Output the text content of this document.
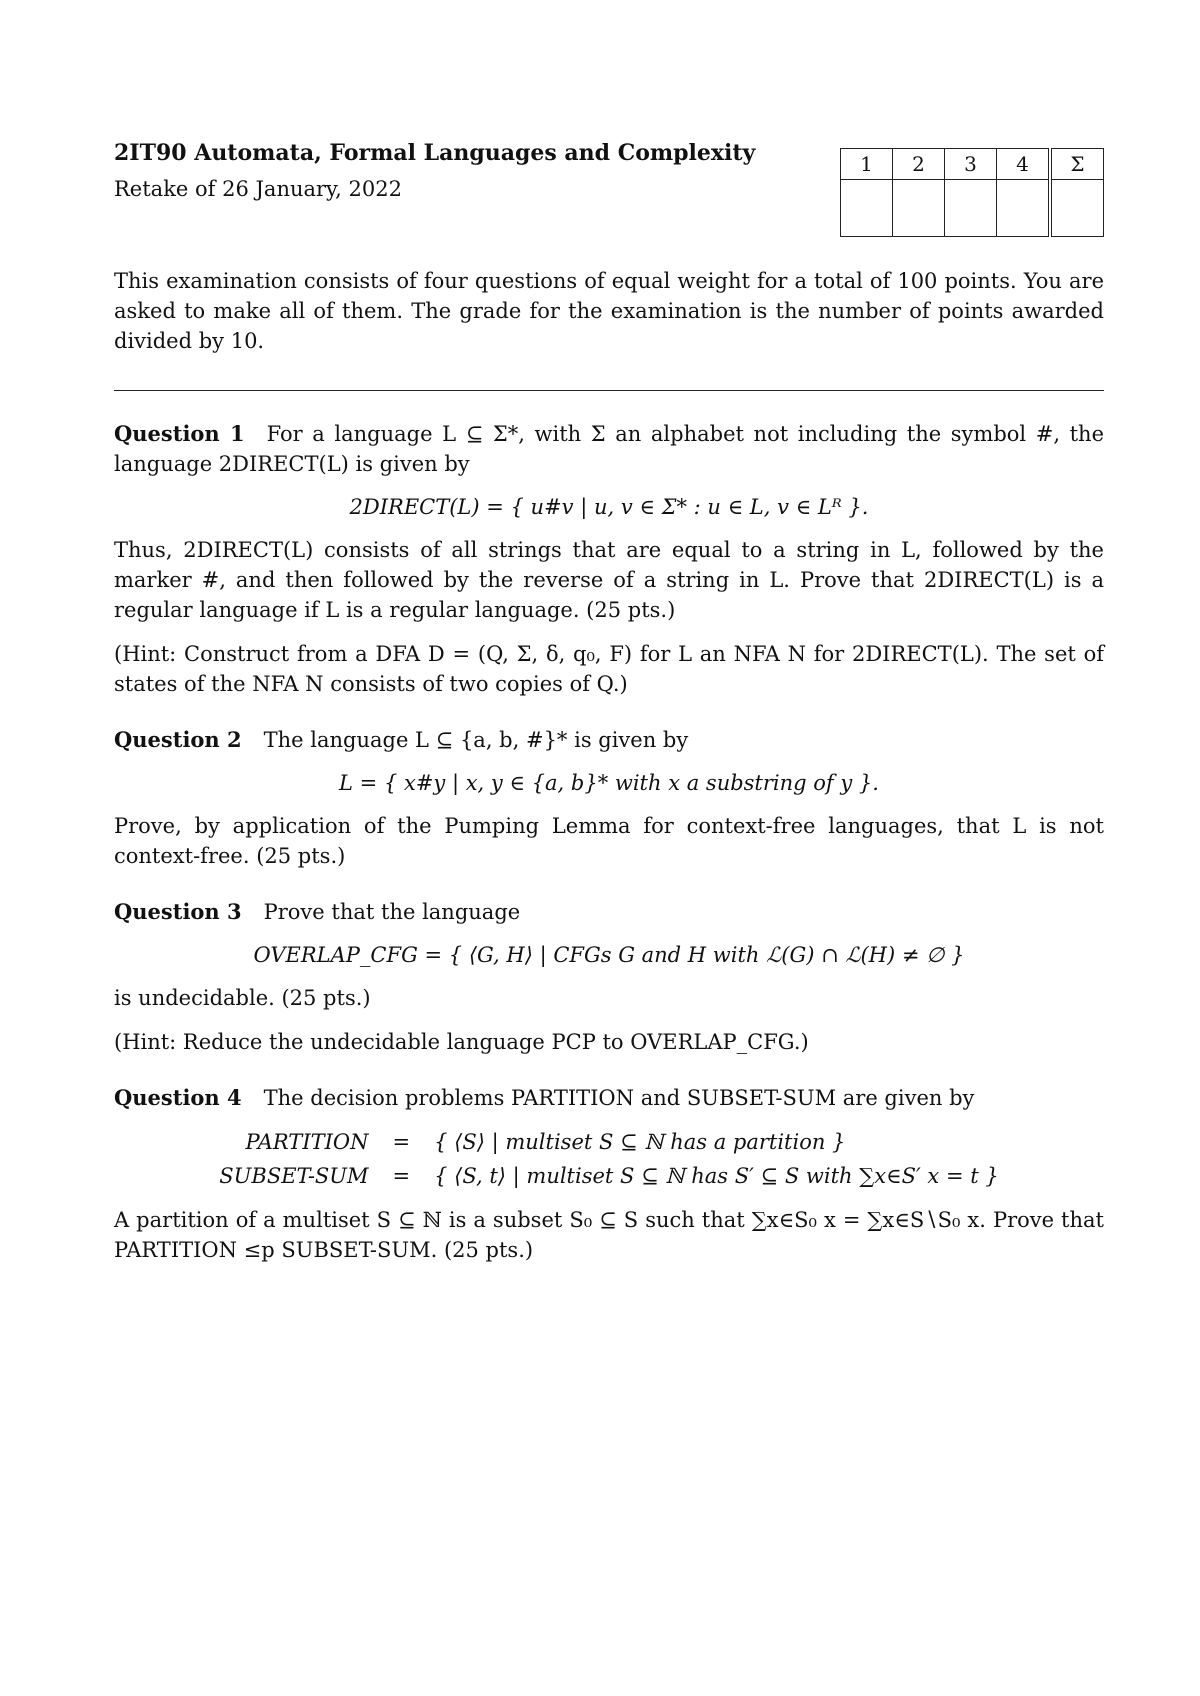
2IT90 Automata, Formal Languages and Complexity

Retake of 26 January, 2022

1	2	3	4	Σ

This examination consists of four questions of equal weight for a total of 100 points. You are asked to make all of them. The grade for the examination is the number of points awarded divided by 10.

Question 1 For a language L ⊆ Σ*, with Σ an alphabet not including the symbol #, the language 2DIRECT(L) is given by

2DIRECT(L) = { u#v | u, v ∈ Σ* : u ∈ L, v ∈ Lᴿ }.

Thus, 2DIRECT(L) consists of all strings that are equal to a string in L, followed by the marker #, and then followed by the reverse of a string in L. Prove that 2DIRECT(L) is a regular language if L is a regular language. (25 pts.)

(Hint: Construct from a DFA D = (Q, Σ, δ, q₀, F) for L an NFA N for 2DIRECT(L). The set of states of the NFA N consists of two copies of Q.)

Question 2 The language L ⊆ {a, b, #}* is given by

L = { x#y | x, y ∈ {a, b}* with x a substring of y }.

Prove, by application of the Pumping Lemma for context-free languages, that L is not context-free. (25 pts.)

Question 3 Prove that the language

OVERLAP_CFG = { ⟨G, H⟩ | CFGs G and H with ℒ(G) ∩ ℒ(H) ≠ ∅ }

is undecidable. (25 pts.)

(Hint: Reduce the undecidable language PCP to OVERLAP_CFG.)

Question 4 The decision problems PARTITION and SUBSET-SUM are given by

PARTITION	=	{ ⟨S⟩ | multiset S ⊆ ℕ has a partition }
SUBSET-SUM	=	{ ⟨S, t⟩ | multiset S ⊆ ℕ has S′ ⊆ S with ∑x∈S′ x = t }

A partition of a multiset S ⊆ ℕ is a subset S₀ ⊆ S such that ∑x∈S₀ x = ∑x∈S∖S₀ x. Prove that PARTITION ≤p SUBSET-SUM. (25 pts.)
